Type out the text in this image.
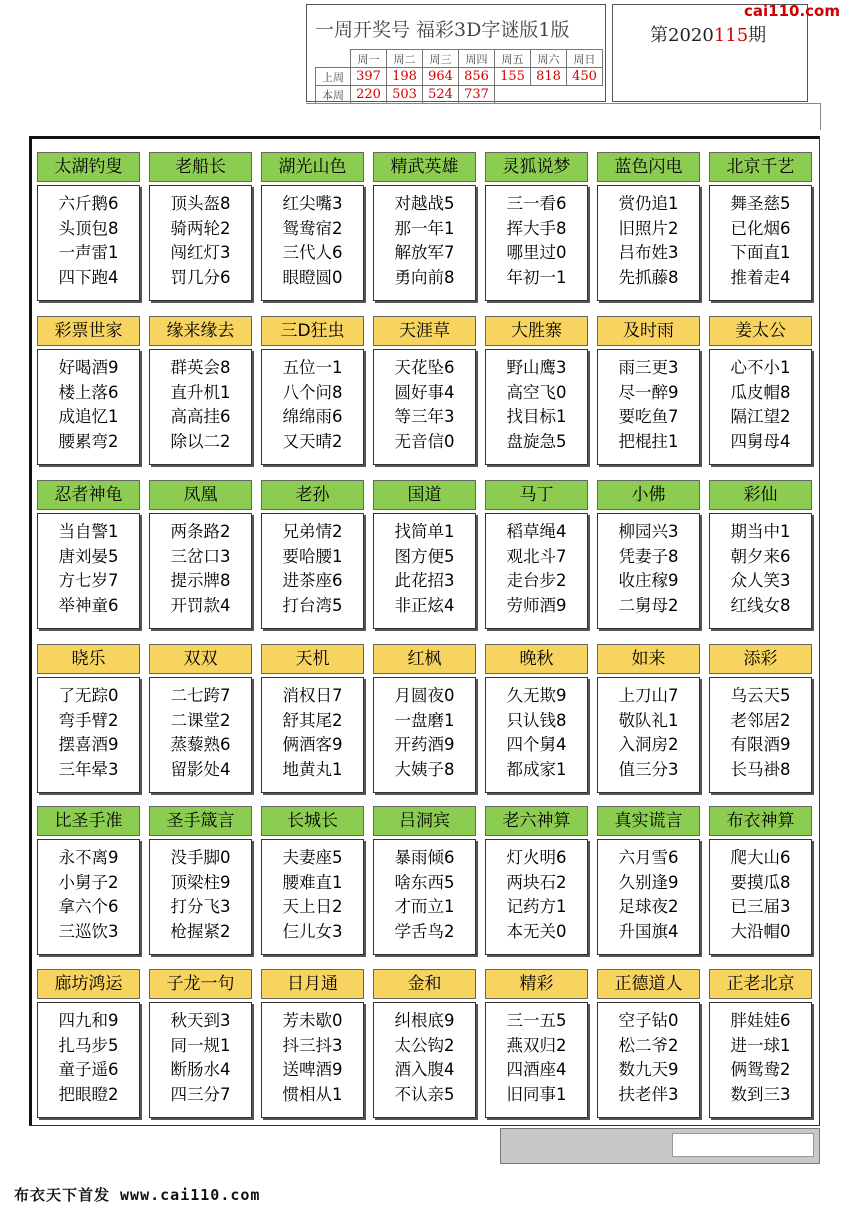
一周开奖号 福彩3D字谜版1版
	周一	周二	周三	周四	周五	周六	周日
上周	397	198	964	856	155	818	450
本周	220	503	524	737			
第2020115期
cai110.com
太湖钓叟
六斤鹅6
头顶包8
一声雷1
四下跑4
老船长
顶头盔8
骑两轮2
闯红灯3
罚几分6
湖光山色
红尖嘴3
鸳鸯宿2
三代人6
眼瞪圆0
精武英雄
对越战5
那一年1
解放军7
勇向前8
灵狐说梦
三一看6
挥大手8
哪里过0
年初一1
蓝色闪电
赏仍追1
旧照片2
吕布姓3
先抓藤8
北京千艺
舞圣慈5
已化烟6
下面直1
推着走4
彩票世家
好喝酒9
楼上落6
成追忆1
腰累弯2
缘来缘去
群英会8
直升机1
高高挂6
除以二2
三D狂虫
五位一1
八个问8
绵绵雨6
又天晴2
天涯草
天花坠6
圆好事4
等三年3
无音信0
大胜寨
野山鹰3
高空飞0
找目标1
盘旋急5
及时雨
雨三更3
尽一醉9
要吃鱼7
把棍拄1
姜太公
心不小1
瓜皮帽8
隔江望2
四舅母4
忍者神龟
当自警1
唐刘晏5
方七岁7
举神童6
凤凰
两条路2
三岔口3
提示牌8
开罚款4
老孙
兄弟情2
要哈腰1
进茶座6
打台湾5
国道
找简单1
图方便5
此花招3
非正炫4
马丁
稻草绳4
观北斗7
走台步2
劳师酒9
小佛
柳园兴3
凭妻子8
收庄稼9
二舅母2
彩仙
期当中1
朝夕来6
众人笑3
红线女8
晓乐
了无踪0
弯手臂2
摆喜酒9
三年晕3
双双
二七跨7
二课堂2
蒸藜熟6
留影处4
天机
消权日7
舒其尾2
俩酒客9
地黄丸1
红枫
月圆夜0
一盘磨1
开药酒9
大姨子8
晚秋
久无欺9
只认钱8
四个舅4
都成家1
如来
上刀山7
敬队礼1
入洞房2
值三分3
添彩
乌云天5
老邻居2
有限酒9
长马褂8
比圣手准
永不离9
小舅子2
拿六个6
三巡饮3
圣手箴言
没手脚0
顶梁柱9
打分飞3
枪握紧2
长城长
夫妻座5
腰难直1
天上日2
仨儿女3
吕洞宾
暴雨倾6
啥东西5
才而立1
学舌鸟2
老六神算
灯火明6
两块石2
记药方1
本无关0
真实谎言
六月雪6
久别逢9
足球夜2
升国旗4
布衣神算
爬大山6
要摸瓜8
已三届3
大沿帽0
廊坊鸿运
四九和9
扎马步5
童子遥6
把眼瞪2
子龙一句
秋天到3
同一规1
断肠水4
四三分7
日月通
芳未歇0
抖三抖3
送啤酒9
惯相从1
金和
纠根底9
太公钩2
酒入腹4
不认亲5
精彩
三一五5
燕双归2
四酒座4
旧同事1
正德道人
空子钻0
松二爷2
数九天9
扶老伴3
正老北京
胖娃娃6
进一球1
俩鸳鸯2
数到三3
布衣天下首发 www.cai110.com
